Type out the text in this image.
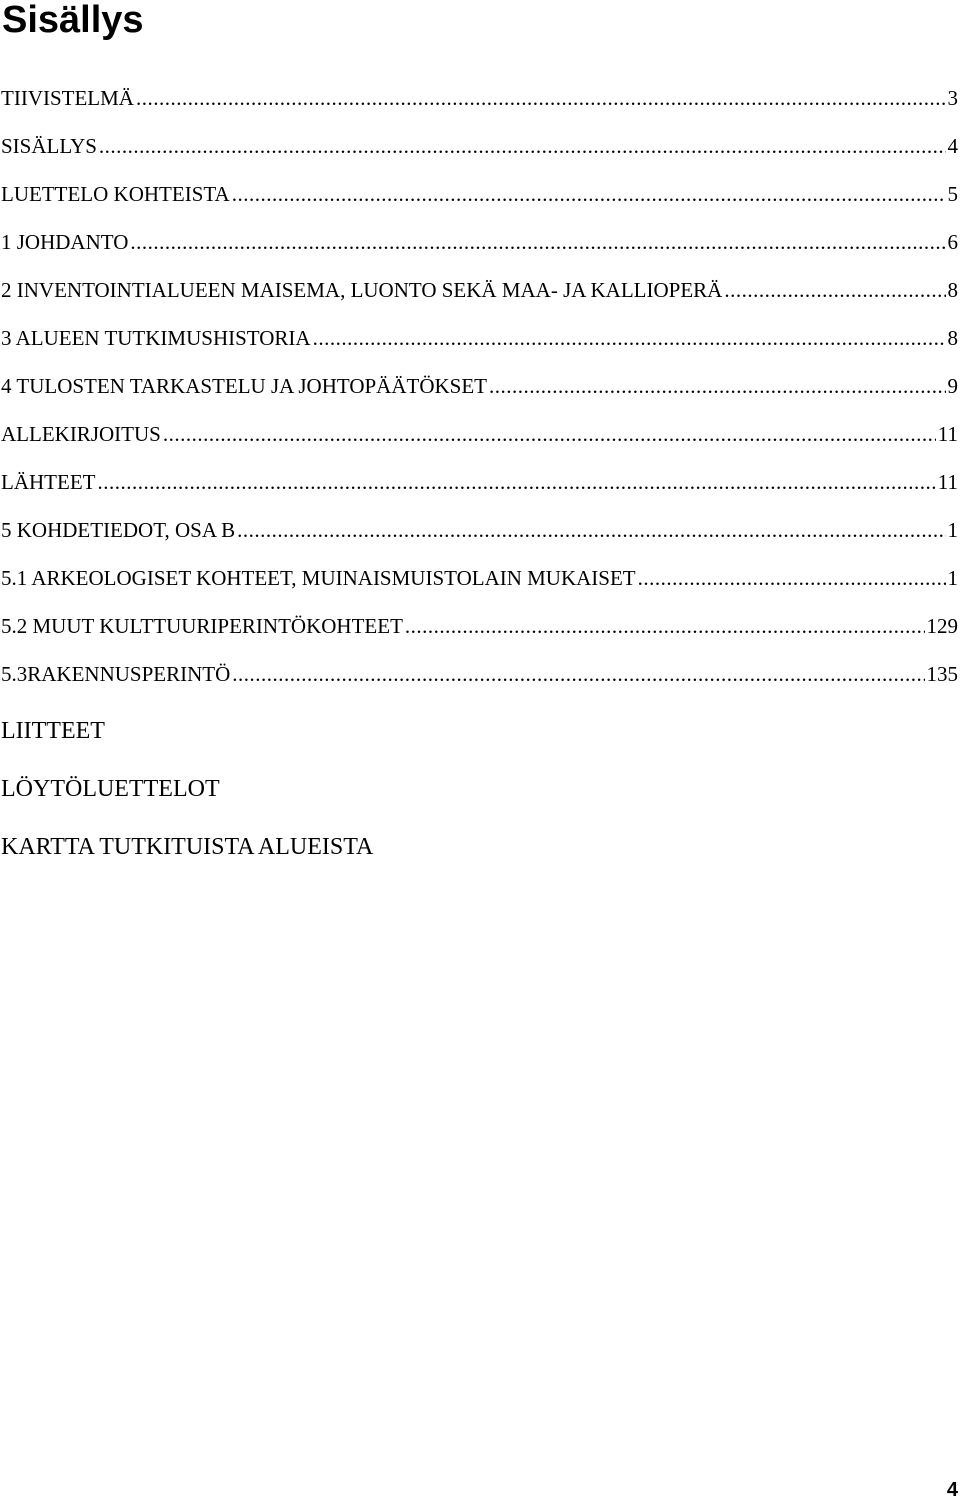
Sisällys
TIIVISTELMÄ .....	3
SISÄLLYS .....	4
LUETTELO KOHTEISTA .....	5
1 JOHDANTO .....	6
2 INVENTOINTIALUEEN MAISEMA, LUONTO SEKÄ MAA- JA KALLIOPERÄ .....	8
3 ALUEEN TUTKIMUSHISTORIA .....	8
4 TULOSTEN TARKASTELU JA JOHTOPÄÄTÖKSET .....	9
ALLEKIRJOITUS .....	11
LÄHTEET .....	11
5 KOHDETIEDOT, OSA B .....	1
5.1 ARKEOLOGISET KOHTEET, MUINAISMUISTOLAIN MUKAISET .....	1
5.2 MUUT KULTTUURIPERINTÖKOHTEET .....	129
5.3RAKENNUSPERINTÖ .....	135
LIITTEET
LÖYTÖLUETTELOT
KARTTA TUTKITUISTA ALUEISTA
4
